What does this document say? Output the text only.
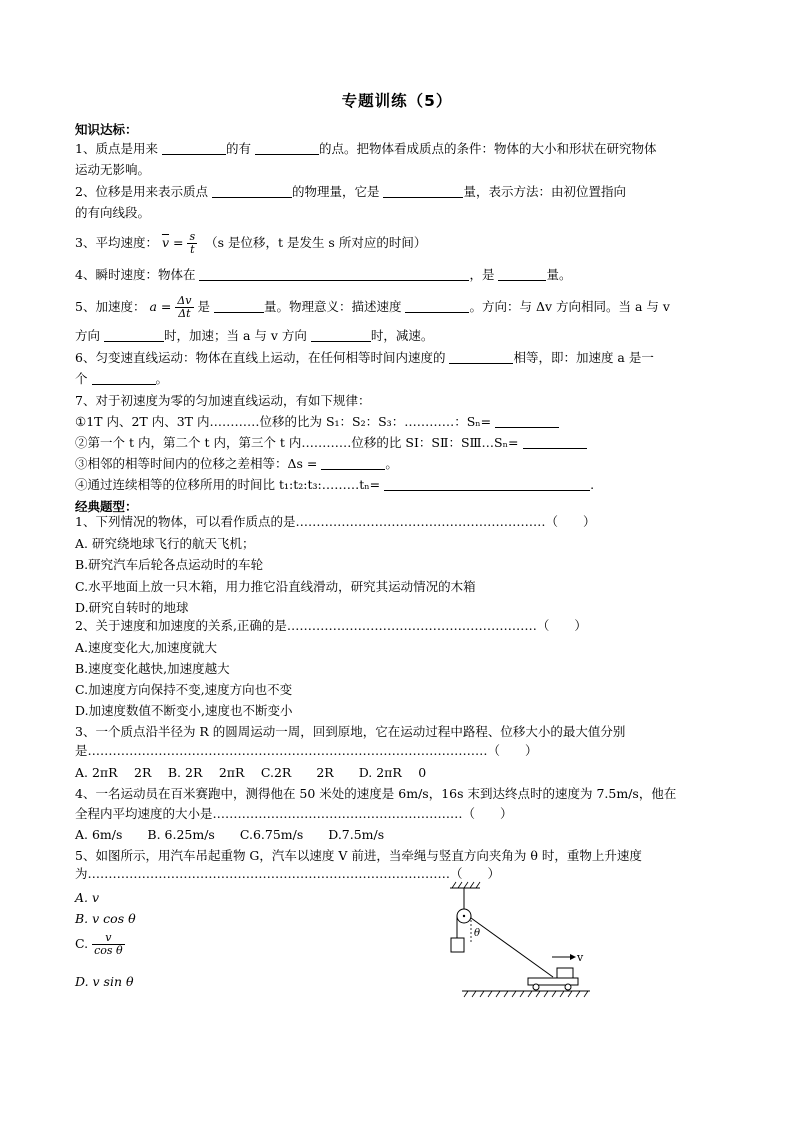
专题训练（5）
知识达标：
1、质点是用来	的有	的点。把物体看成质点的条件：物体的大小和形状在研究物体
运动无影响。
2、位移是用来表示质点	的物理量，它是	量，表示方法：由初位置指向
的有向线段。
3、平均速度： $\overline{v} = \frac{s}{t} (s$ 是位移，t 是发生 s 所对应的时间）
4、瞬时速度：物体在	，是	量。
5、加速度： $a = \frac{\Delta v}{\Delta t}$ 是	量。物理意义：描述速度	。方向：与 Δv 方向相同。当 a 与 v
方向	时，加速；当 a 与 v 方向	时，减速。
6、匀变速直线运动：物体在直线上运动，在任何相等时间内速度的	相等，即：加速度 a 是一
个	。
7、对于初速度为零的匀加速直线运动，有如下规律：
①1T 内、2T 内、3T 内…………位移的比为 S₁：S₂：S₃：…………：Sₙ=
②第一个 t 内，第二个 t 内，第三个 t 内…………位移的比 SⅠ：SⅡ：SⅢ…Sₙ=
③相邻的相等时间内的位移之差相等：Δs =	。
④通过连续相等的位移所用的时间比 t₁:t₂:t₃:………tₙ=	.
经典题型：
1、下列情况的物体，可以看作质点的是……………………………………………………（　　）
A. 研究绕地球飞行的航天飞机；
B.研究汽车后轮各点运动时的车轮
C.水平地面上放一只木箱，用力推它沿直线滑动，研究其运动情况的木箱
D.研究自转时的地球
2、关于速度和加速度的关系,正确的是……………………………………………………（　　）
A.速度变化大,加速度就大
B.速度变化越快,加速度越大
C.加速度方向保持不变,速度方向也不变
D.加速度数值不断变小,速度也不断变小
3、一个质点沿半径为 R 的圆周运动一周，回到原地，它在运动过程中路程、位移大小的最大值分别
是……………………………………………………………………………………（　　）
A. 2πR　 2R　 B. 2R　 2πR　 C.2R　　2R　　D. 2πR　 0
4、一名运动员在百米赛跑中，测得他在 50 米处的速度是 6m/s，16s 末到达终点时的速度为 7.5m/s，他在
全程内平均速度的大小是……………………………………………………（　　）
A. 6m/s　　B. 6.25m/s　　C.6.75m/s　　D.7.5m/s
5、如图所示，用汽车吊起重物 G，汽车以速度 V 前进，当牵绳与竖直方向夹角为 θ 时，重物上升速度
为……………………………………………………………………………（　　）
A. v
B. v cos θ
C. $\frac{v}{\text{cos θ}}$
D. v sin θ
θ
v
